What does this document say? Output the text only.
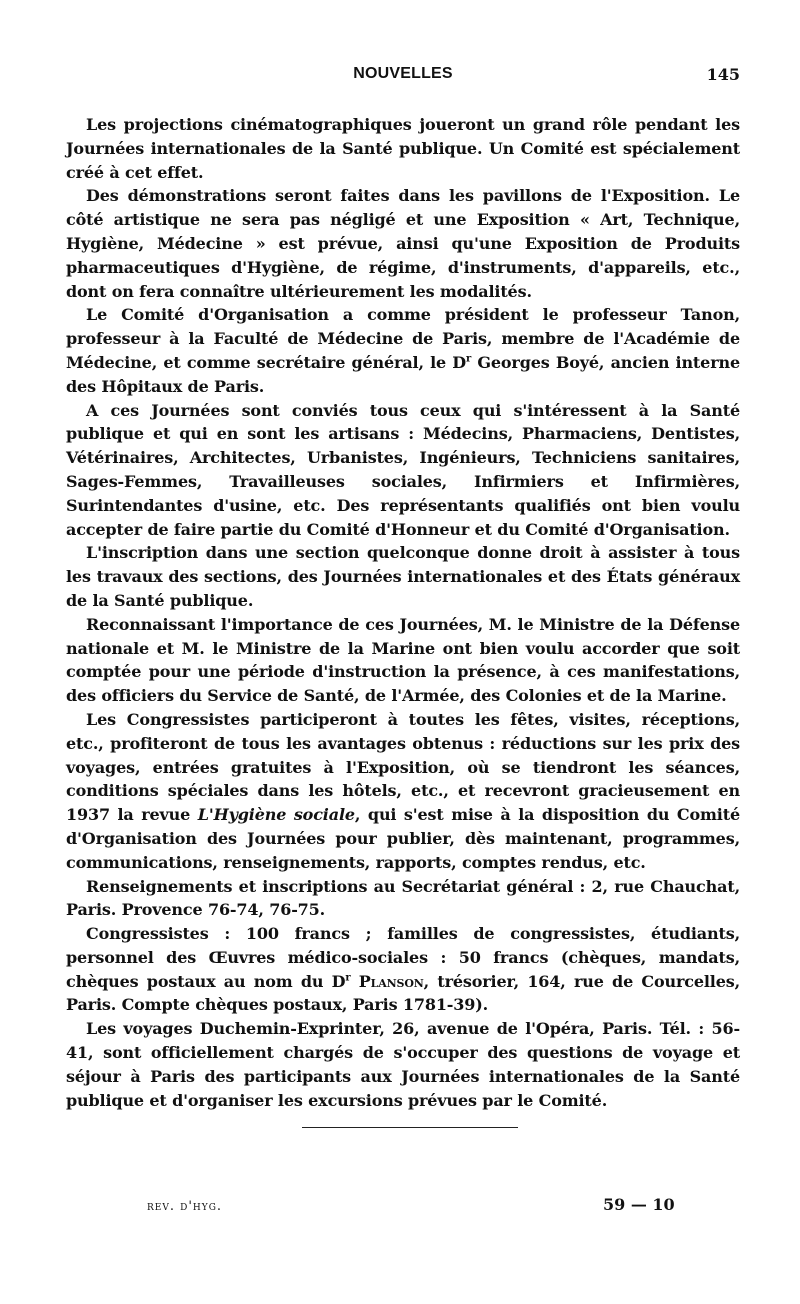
NOUVELLES	145

Les projections cinématographiques joueront un grand rôle pendant les Journées internationales de la Santé publique. Un Comité est spécialement créé à cet effet.

Des démonstrations seront faites dans les pavillons de l'Exposition. Le côté artistique ne sera pas négligé et une Exposition « Art, Technique, Hygiène, Médecine » est prévue, ainsi qu'une Exposition de Produits pharmaceutiques d'Hygiène, de régime, d'instruments, d'appareils, etc., dont on fera connaître ultérieurement les modalités.

Le Comité d'Organisation a comme président le professeur Tanon, professeur à la Faculté de Médecine de Paris, membre de l'Académie de Médecine, et comme secrétaire général, le $D^r$ Georges Boyé, ancien interne des Hôpitaux de Paris.

A ces Journées sont conviés tous ceux qui s'intéressent à la Santé publique et qui en sont les artisans : Médecins, Pharmaciens, Dentistes, Vétérinaires, Architectes, Urbanistes, Ingénieurs, Techniciens sanitaires, Sages-Femmes, Travailleuses sociales, Infirmiers et Infirmières, Surintendantes d'usine, etc. Des représentants qualifiés ont bien voulu accepter de faire partie du Comité d'Honneur et du Comité d'Organisation.

L'inscription dans une section quelconque donne droit à assister à tous les travaux des sections, des Journées internationales et des États généraux de la Santé publique.

Reconnaissant l'importance de ces Journées, M. le Ministre de la Défense nationale et M. le Ministre de la Marine ont bien voulu accorder que soit comptée pour une période d'instruction la présence, à ces manifestations, des officiers du Service de Santé, de l'Armée, des Colonies et de la Marine.

Les Congressistes participeront à toutes les fêtes, visites, réceptions, etc., profiteront de tous les avantages obtenus : réductions sur les prix des voyages, entrées gratuites à l'Exposition, où se tiendront les séances, conditions spéciales dans les hôtels, etc., et recevront gracieusement en 1937 la revue L'Hygiène sociale, qui s'est mise à la disposition du Comité d'Organisation des Journées pour publier, dès maintenant, programmes, communications, renseignements, rapports, comptes rendus, etc.

Renseignements et inscriptions au Secrétariat général : 2, rue Chauchat, Paris. Provence 76-74, 76-75.

Congressistes : 100 francs ; familles de congressistes, étudiants, personnel des Œuvres médico-sociales : 50 francs (chèques, mandats, chèques postaux au nom du $D^r$ Planson, trésorier, 164, rue de Courcelles, Paris. Compte chèques postaux, Paris 1781-39).

Les voyages Duchemin-Exprinter, 26, avenue de l'Opéra, Paris. Tél. : 56-41, sont officiellement chargés de s'occuper des questions de voyage et séjour à Paris des participants aux Journées internationales de la Santé publique et d'organiser les excursions prévues par le Comité.

rev. d'hyg.	59 — 10
